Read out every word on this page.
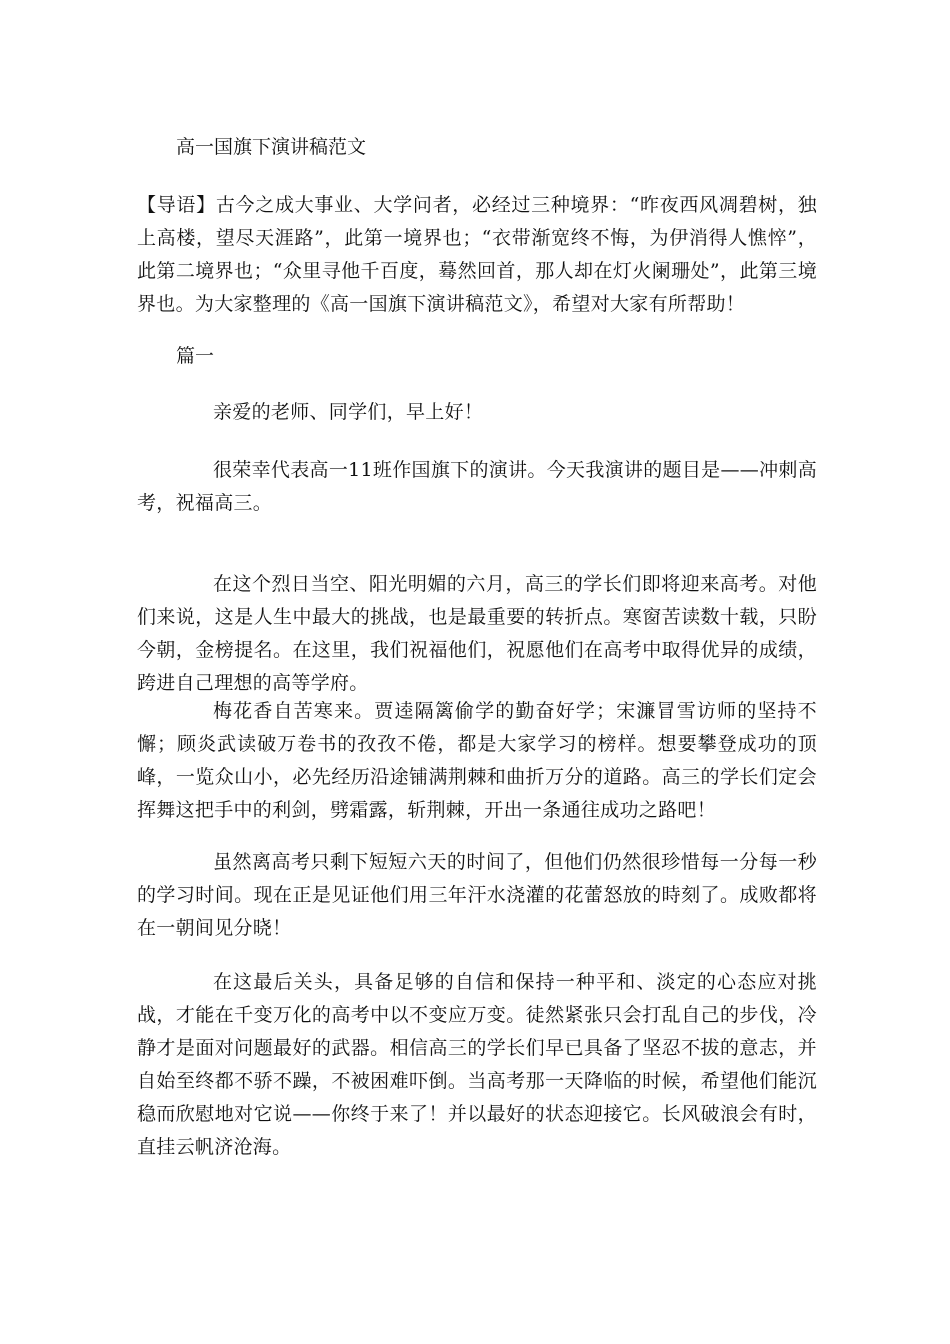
高一国旗下演讲稿范文
【导语】古今之成大事业、大学问者，必经过三种境界：“昨夜西风凋碧树，独上高楼，望尽天涯路”，此第一境界也；“衣带渐宽终不悔，为伊消得人憔悴”，此第二境界也；“众里寻他千百度，蓦然回首，那人却在灯火阑珊处”，此第三境界也。为大家整理的《高一国旗下演讲稿范文》，希望对大家有所帮助！
篇一
亲爱的老师、同学们，早上好！
很荣幸代表高一11班作国旗下的演讲。今天我演讲的题目是——冲刺高考，祝福高三。
在这个烈日当空、阳光明媚的六月，高三的学长们即将迎来高考。对他们来说，这是人生中最大的挑战，也是最重要的转折点。寒窗苦读数十载，只盼今朝，金榜提名。在这里，我们祝福他们，祝愿他们在高考中取得优异的成绩，跨进自己理想的高等学府。
梅花香自苦寒来。贾逵隔篱偷学的勤奋好学；宋濂冒雪访师的坚持不懈；顾炎武读破万卷书的孜孜不倦，都是大家学习的榜样。想要攀登成功的顶峰，一览众山小，必先经历沿途铺满荆棘和曲折万分的道路。高三的学长们定会挥舞这把手中的利剑，劈霜露，斩荆棘，开出一条通往成功之路吧！
虽然离高考只剩下短短六天的时间了，但他们仍然很珍惜每一分每一秒的学习时间。现在正是见证他们用三年汗水浇灌的花蕾怒放的時刻了。成败都将在一朝间见分晓！
在这最后关头，具备足够的自信和保持一种平和、淡定的心态应对挑战，才能在千变万化的高考中以不变应万变。徒然紧张只会打乱自己的步伐，冷静才是面对问题最好的武器。相信高三的学长们早已具备了坚忍不拔的意志，并自始至终都不骄不躁，不被困难吓倒。当高考那一天降临的时候，希望他们能沉稳而欣慰地对它说——你终于来了！并以最好的状态迎接它。长风破浪会有时，直挂云帆济沧海。
